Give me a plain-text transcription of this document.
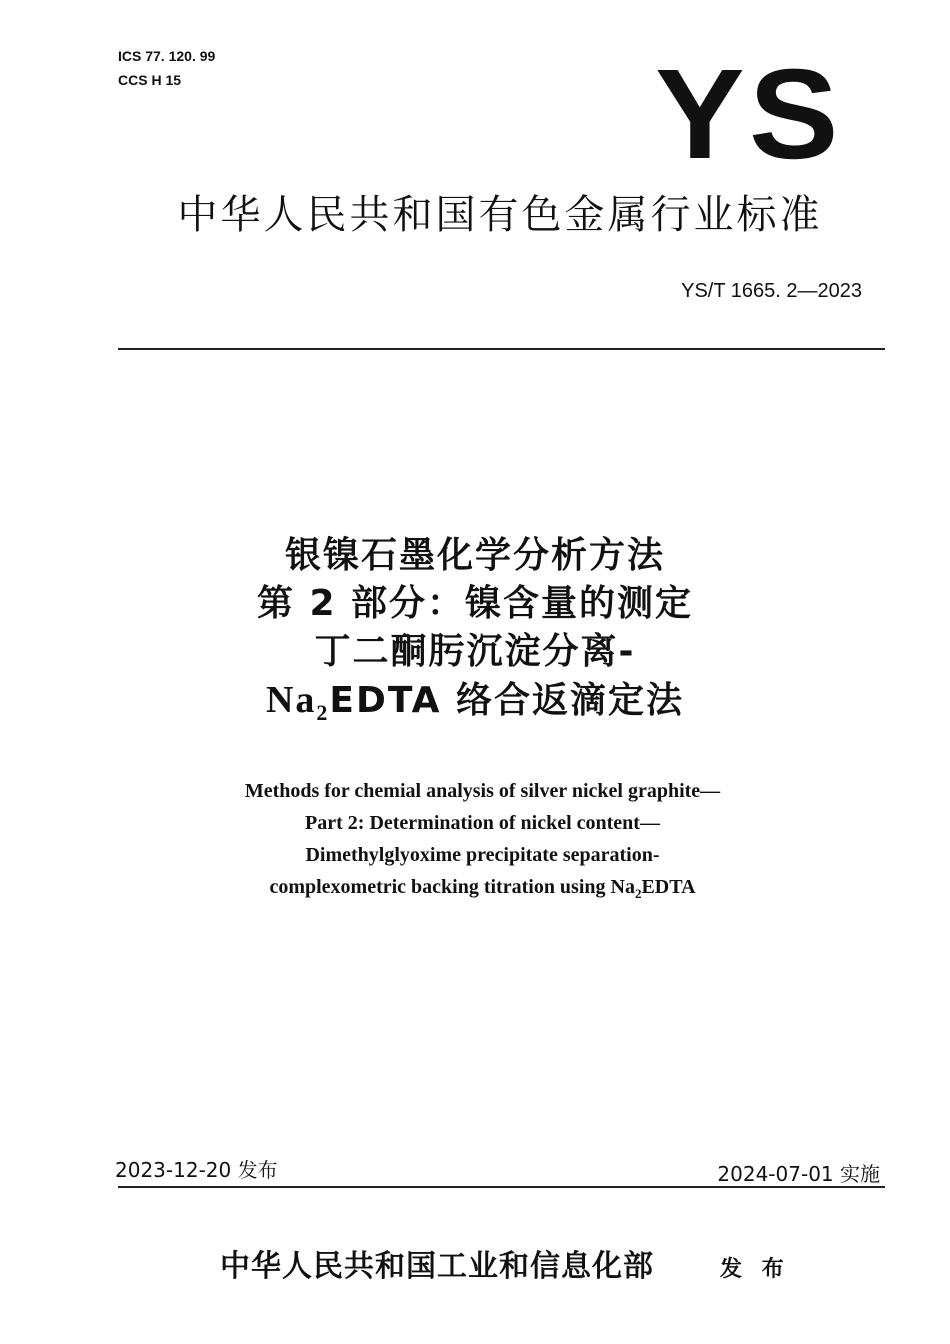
ICS 77. 120. 99
CCS H 15	YS
中华人民共和国有色金属行业标准
YS/T 1665. 2—2023
银镍石墨化学分析方法
第 2 部分：镍含量的测定
丁二酮肟沉淀分离-
$Na_2EDTA$ 络合返滴定法
Methods for chemial analysis of silver nickel graphite—
Part 2: Determination of nickel content—
Dimethylglyoxime precipitate separation-
complexometric backing titration using $Na_2EDTA$
2023-12-20 发布	2024-07-01 实施
中华人民共和国工业和信息化部	发 布
